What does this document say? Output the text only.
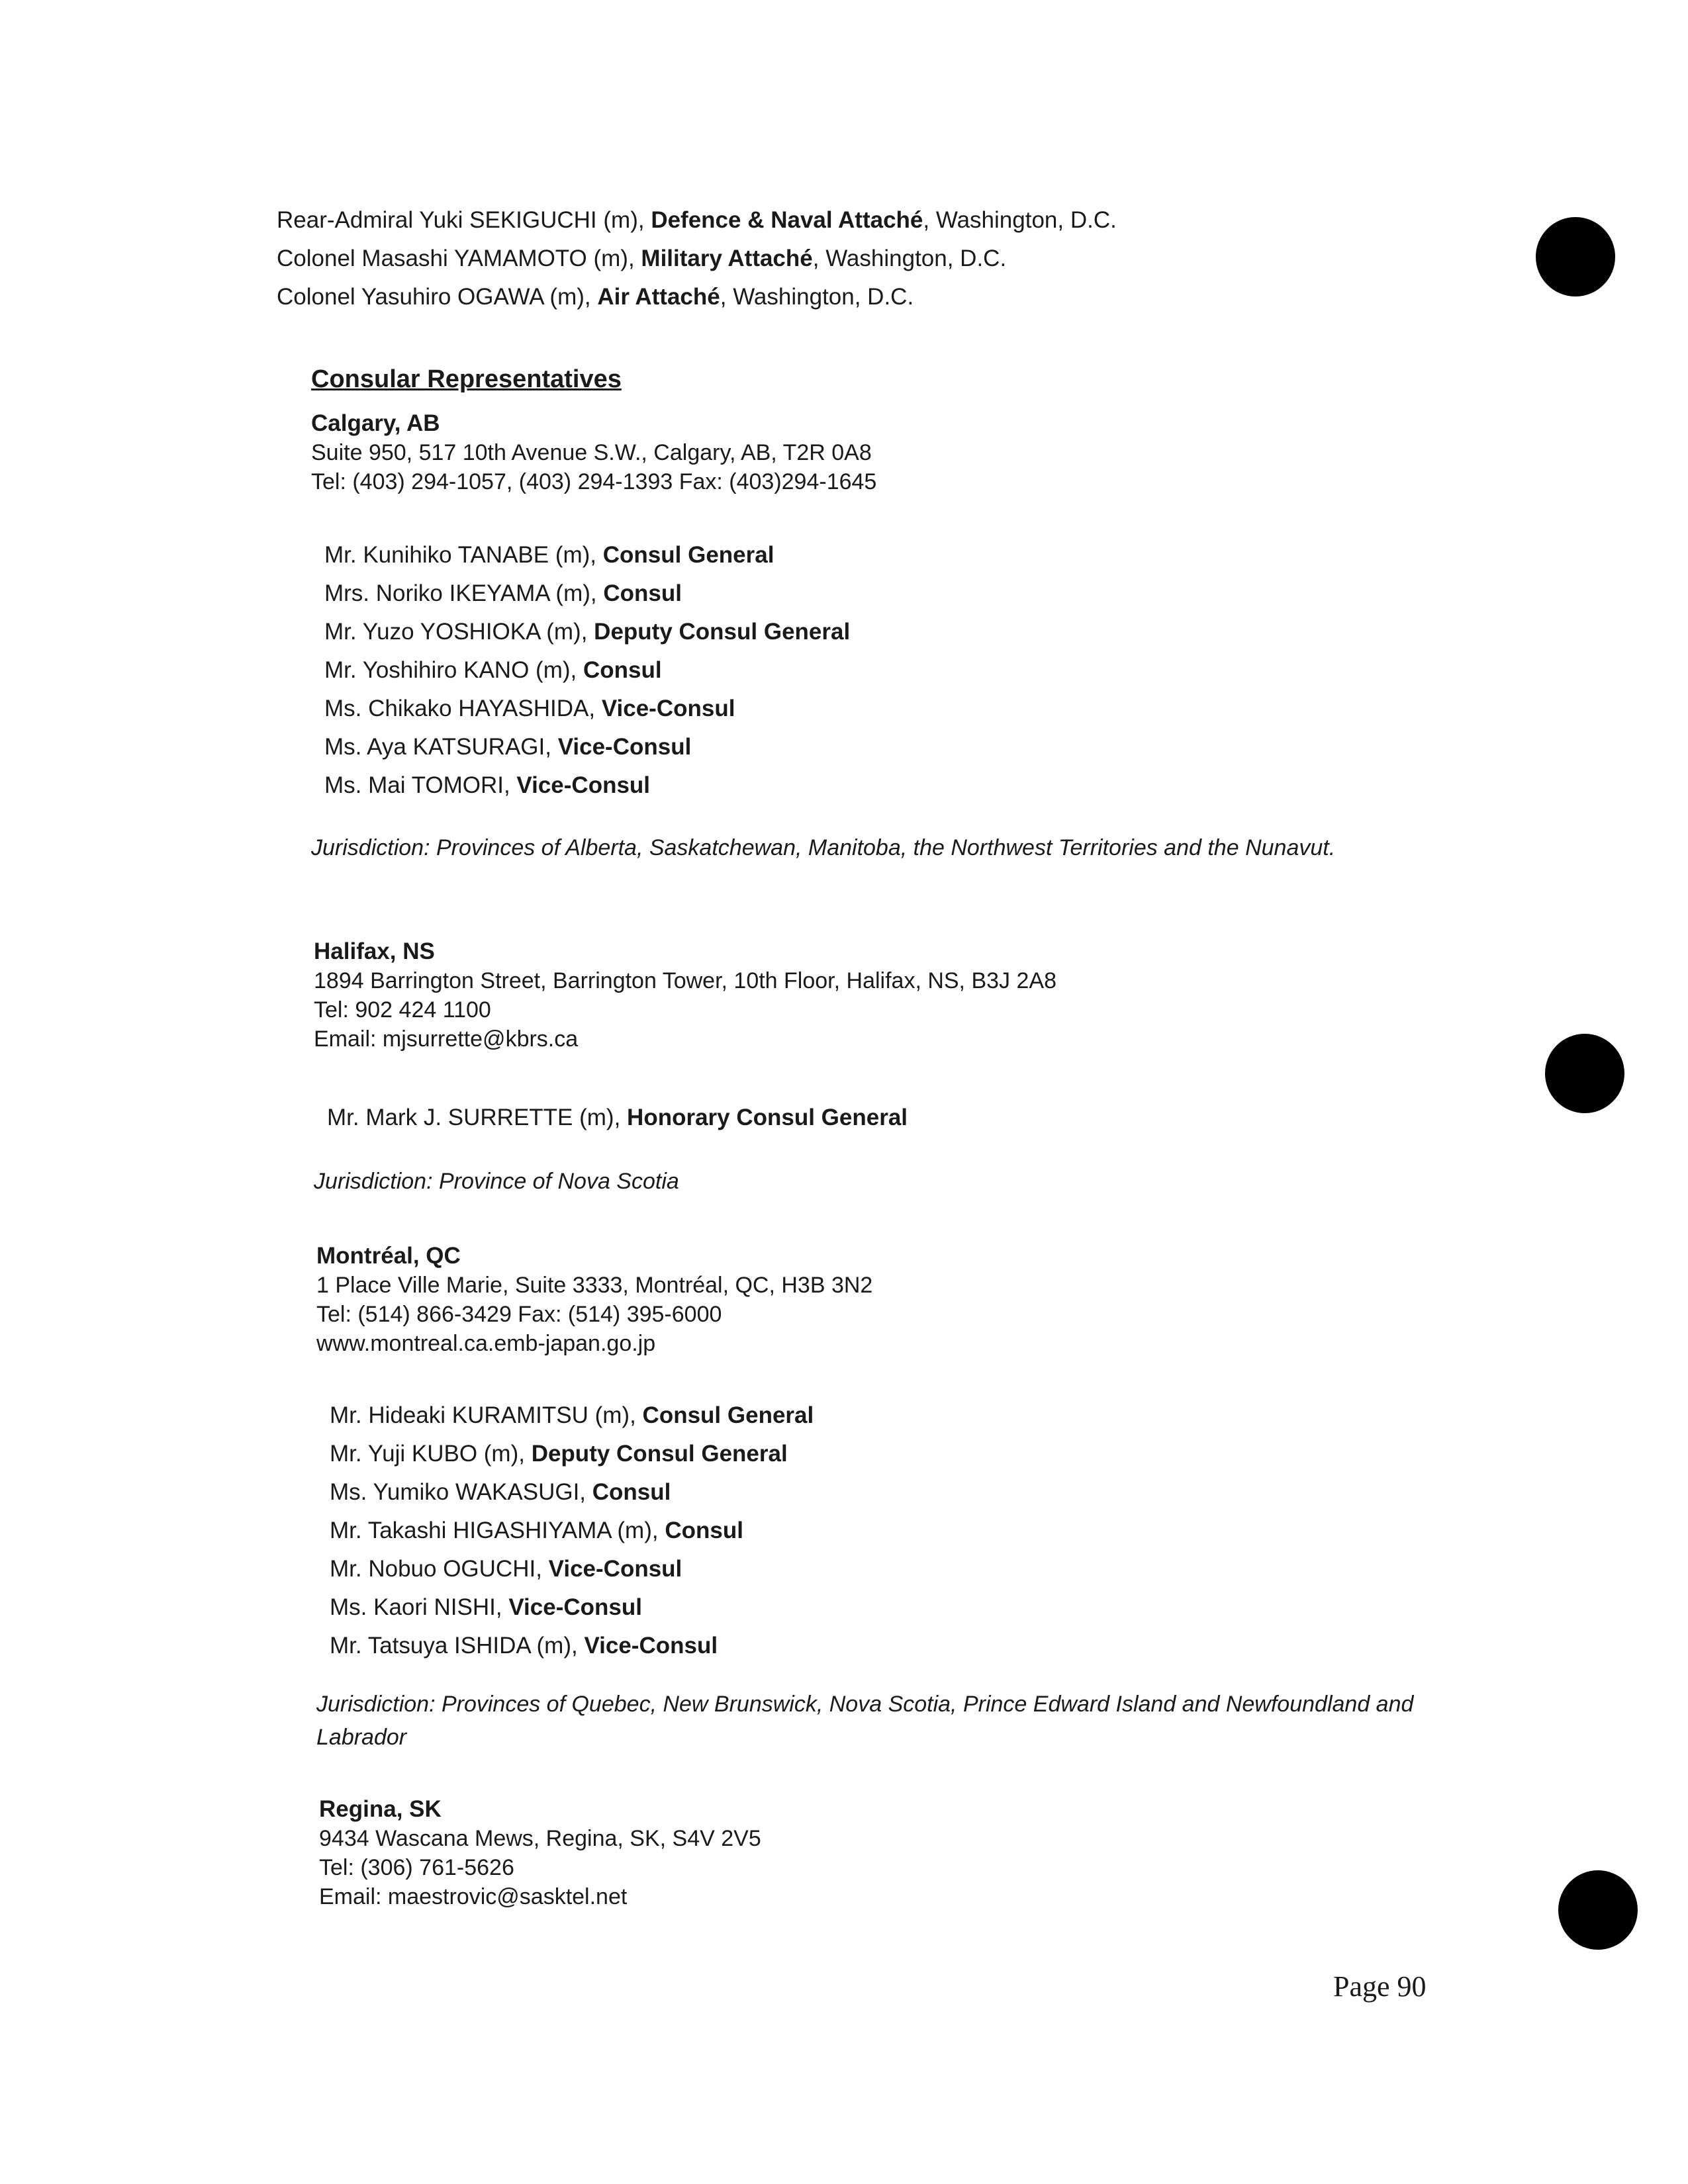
Rear-Admiral Yuki SEKIGUCHI (m), Defence & Naval Attaché, Washington, D.C.
Colonel Masashi YAMAMOTO (m), Military Attaché, Washington, D.C.
Colonel Yasuhiro OGAWA (m), Air Attaché, Washington, D.C.
Consular Representatives
Calgary, AB
Suite 950, 517 10th Avenue S.W., Calgary, AB, T2R 0A8
Tel: (403) 294-1057, (403) 294-1393 Fax: (403)294-1645
Mr. Kunihiko TANABE (m), Consul General
Mrs. Noriko IKEYAMA (m), Consul
Mr. Yuzo YOSHIOKA (m), Deputy Consul General
Mr. Yoshihiro KANO (m), Consul
Ms. Chikako HAYASHIDA, Vice-Consul
Ms. Aya KATSURAGI, Vice-Consul
Ms. Mai TOMORI, Vice-Consul
Jurisdiction: Provinces of Alberta, Saskatchewan, Manitoba, the Northwest Territories and the Nunavut.
Halifax, NS
1894 Barrington Street, Barrington Tower, 10th Floor, Halifax, NS, B3J 2A8
Tel: 902 424 1100
Email: mjsurrette@kbrs.ca
Mr. Mark J. SURRETTE (m), Honorary Consul General
Jurisdiction: Province of Nova Scotia
Montréal, QC
1 Place Ville Marie, Suite 3333, Montréal, QC, H3B 3N2
Tel: (514) 866-3429 Fax: (514) 395-6000
www.montreal.ca.emb-japan.go.jp
Mr. Hideaki KURAMITSU (m), Consul General
Mr. Yuji KUBO (m), Deputy Consul General
Ms. Yumiko WAKASUGI, Consul
Mr. Takashi HIGASHIYAMA (m), Consul
Mr. Nobuo OGUCHI, Vice-Consul
Ms. Kaori NISHI, Vice-Consul
Mr. Tatsuya ISHIDA (m), Vice-Consul
Jurisdiction: Provinces of Quebec, New Brunswick, Nova Scotia, Prince Edward Island and Newfoundland and Labrador
Regina, SK
9434 Wascana Mews, Regina, SK, S4V 2V5
Tel: (306) 761-5626
Email: maestrovic@sasktel.net
Page 90
